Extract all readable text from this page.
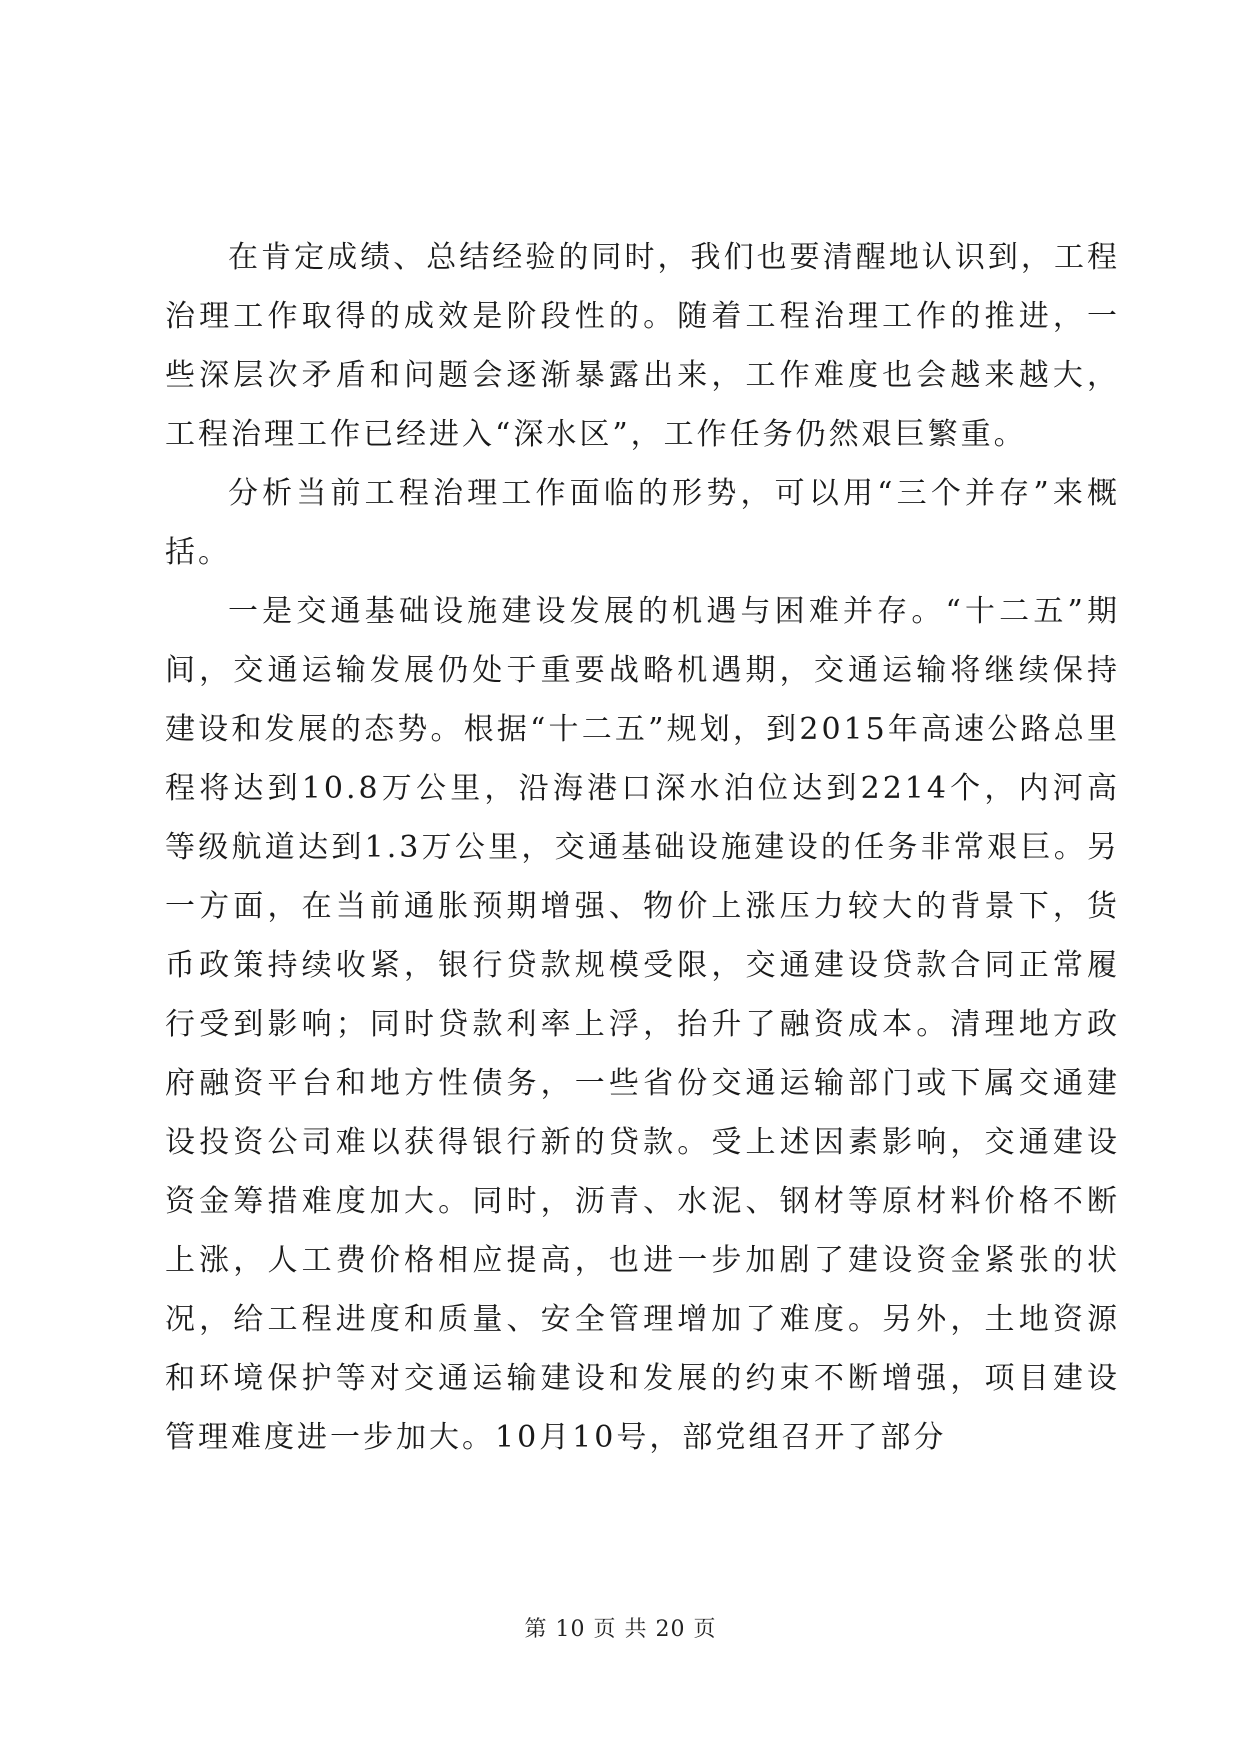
在肯定成绩、总结经验的同时，我们也要清醒地认识到，工程治理工作取得的成效是阶段性的。随着工程治理工作的推进，一些深层次矛盾和问题会逐渐暴露出来，工作难度也会越来越大，工程治理工作已经进入“深水区”，工作任务仍然艰巨繁重。

分析当前工程治理工作面临的形势，可以用“三个并存”来概括。

一是交通基础设施建设发展的机遇与困难并存。“十二五”期间，交通运输发展仍处于重要战略机遇期，交通运输将继续保持建设和发展的态势。根据“十二五”规划，到2015年高速公路总里程将达到10.8万公里，沿海港口深水泊位达到2214个，内河高等级航道达到1.3万公里，交通基础设施建设的任务非常艰巨。另一方面，在当前通胀预期增强、物价上涨压力较大的背景下，货币政策持续收紧，银行贷款规模受限，交通建设贷款合同正常履行受到影响；同时贷款利率上浮，抬升了融资成本。清理地方政府融资平台和地方性债务，一些省份交通运输部门或下属交通建设投资公司难以获得银行新的贷款。受上述因素影响，交通建设资金筹措难度加大。同时，沥青、水泥、钢材等原材料价格不断上涨，人工费价格相应提高，也进一步加剧了建设资金紧张的状况，给工程进度和质量、安全管理增加了难度。另外，土地资源和环境保护等对交通运输建设和发展的约束不断增强，项目建设管理难度进一步加大。10月10号，部党组召开了部分

第 10 页 共 20 页
